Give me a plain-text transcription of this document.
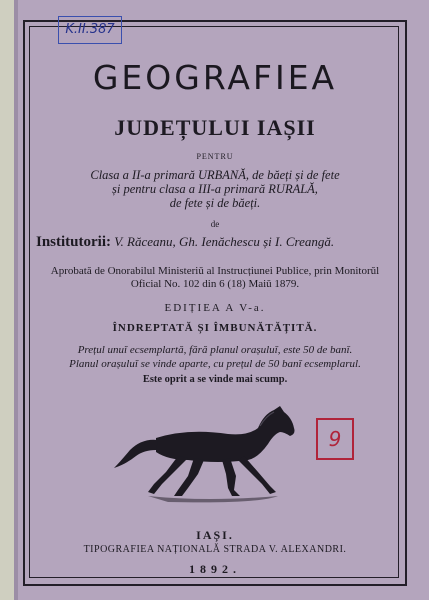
K.II.387

GEOGRAFIEA

JUDEȚULUI IAȘII

PENTRU

Clasa a II-a primară URBANĂ, de băeți și de fete

și pentru clasa a III-a primară RURALĂ,

de fete și de băeți.

de

Institutorii: V. Răceanu, Gh. Ienăchescu și I. Creangă.

Aprobată de Onorabilul Ministeriŭ al Instrucțiunei Publice, prin Monitorŭl

Oficial No. 102 din 6 (18) Maiŭ 1879.

EDIȚIEA A V-a.

ÎNDREPTATĂ ȘI ÎMBUNĂTĂȚITĂ.

Prețul unuĭ ecsemplartă, fără planul orașuluĭ, este 50 de banĭ.

Planul orașuluĭ se vinde aparte, cu prețul de 50 banĭ ecsemplarul.

Este oprit a se vinde mai scump.

9

IAȘI.

TIPOGRAFIEA NAȚIONALĂ STRADA V. ALEXANDRI.

1892.
